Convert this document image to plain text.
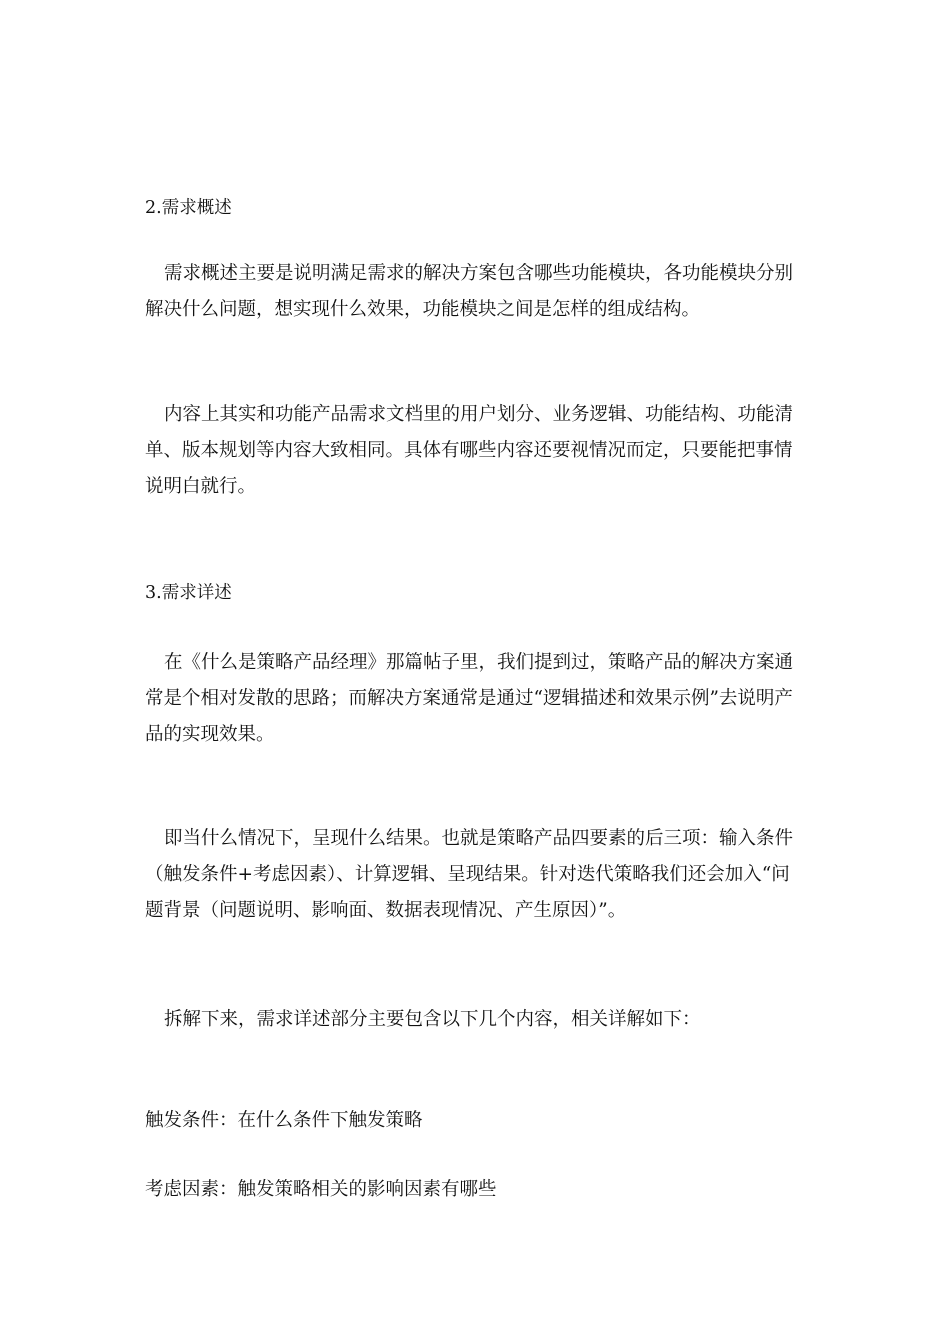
2.需求概述

需求概述主要是说明满足需求的解决方案包含哪些功能模块，各功能模块分别解决什么问题，想实现什么效果，功能模块之间是怎样的组成结构。

内容上其实和功能产品需求文档里的用户划分、业务逻辑、功能结构、功能清单、版本规划等内容大致相同。具体有哪些内容还要视情况而定，只要能把事情说明白就行。

3.需求详述

在《什么是策略产品经理》那篇帖子里，我们提到过，策略产品的解决方案通常是个相对发散的思路；而解决方案通常是通过“逻辑描述和效果示例”去说明产品的实现效果。

即当什么情况下，呈现什么结果。也就是策略产品四要素的后三项：输入条件（触发条件+考虑因素）、计算逻辑、呈现结果。针对迭代策略我们还会加入“问题背景（问题说明、影响面、数据表现情况、产生原因）”。

拆解下来，需求详述部分主要包含以下几个内容，相关详解如下：

触发条件：在什么条件下触发策略

考虑因素：触发策略相关的影响因素有哪些
